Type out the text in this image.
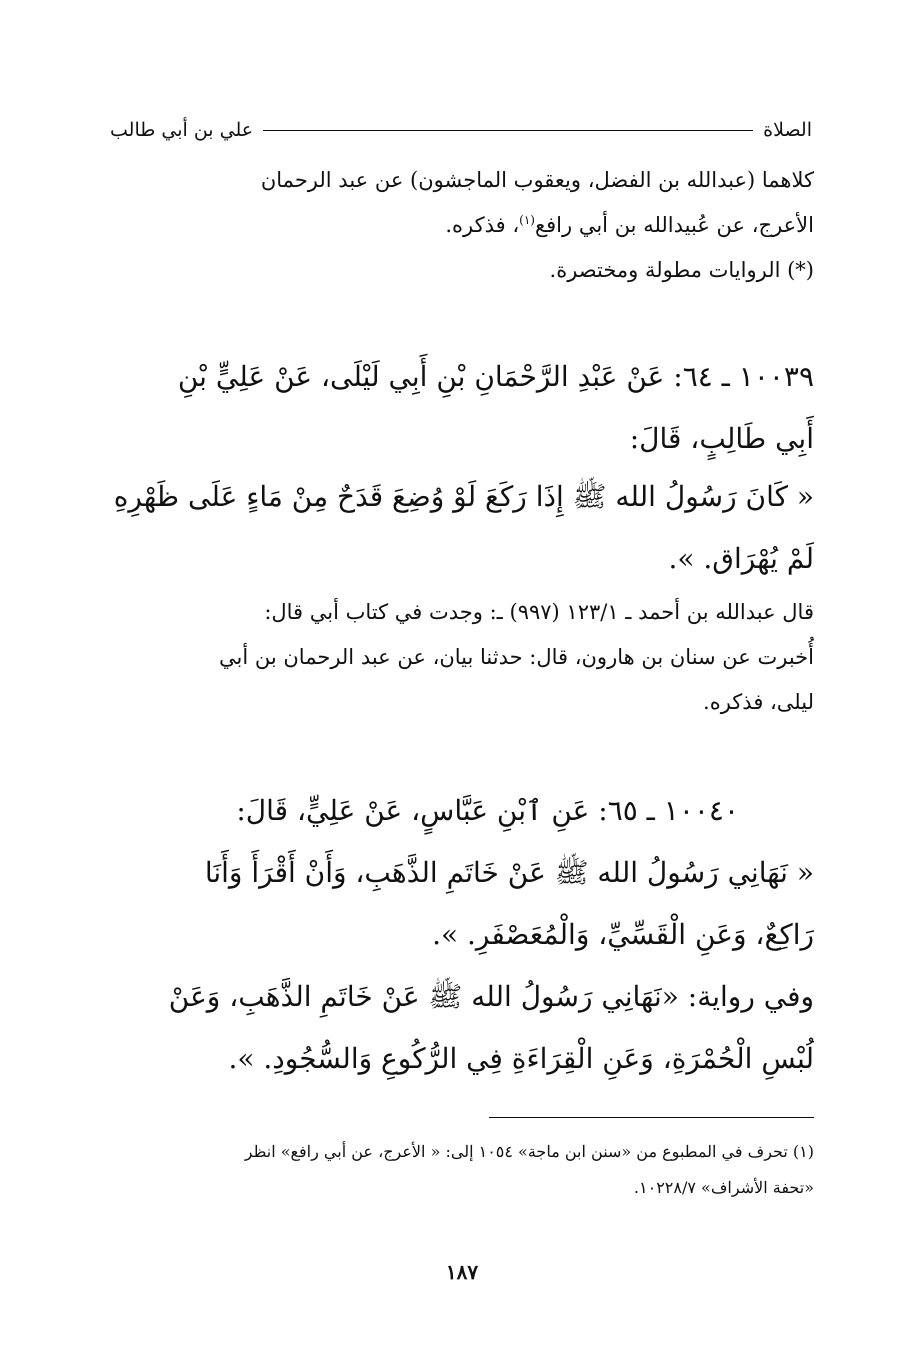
الصلاة
علي بن أبي طالب
كلاهما (عبدالله بن الفضل، ويعقوب الماجشون) عن عبد الرحمان
الأعرج، عن عُبيدالله بن أبي رافع$^{(١)}$، فذكره.
(*) الروايات مطولة ومختصرة.
١٠٠٣٩ ـ ٦٤: عَنْ عَبْدِ الرَّحْمَانِ بْنِ أَبِي لَيْلَى، عَنْ عَلِيٍّ بْنِ
أَبِي طَالِبٍ، قَالَ:
« كَانَ رَسُولُ الله ﷺ إِذَا رَكَعَ لَوْ وُضِعَ قَدَحٌ مِنْ مَاءٍ عَلَى ظَهْرِهِ
لَمْ يُهْرَاق. ».
قال عبدالله بن أحمد ـ ١٢٣/١ (٩٩٧) ـ: وجدت في كتاب أبي قال:
أُخبرت عن سنان بن هارون، قال: حدثنا بيان، عن عبد الرحمان بن أبي
ليلى، فذكره.
١٠٠٤٠ ـ ٦٥: عَنِ ٱبْنِ عَبَّاسٍ، عَنْ عَلِيٍّ، قَالَ:
« نَهَانِي رَسُولُ الله ﷺ عَنْ خَاتَمِ الذَّهَبِ، وَأَنْ أَقْرَأَ وَأَنَا
رَاكِعٌ، وَعَنِ الْقَسِّيِّ، وَالْمُعَصْفَرِ. ».
وفي رواية: «نَهَانِي رَسُولُ الله ﷺ عَنْ خَاتَمِ الذَّهَبِ، وَعَنْ
لُبْسِ الْحُمْرَةِ، وَعَنِ الْقِرَاءَةِ فِي الرُّكُوعِ وَالسُّجُودِ. ».
(١) تحرف في المطبوع من «سنن ابن ماجة» ١٠٥٤ إلى: « الأعرج، عن أبي رافع» انظر
«تحفة الأشراف» ١٠٢٢٨/٧.
١٨٧
